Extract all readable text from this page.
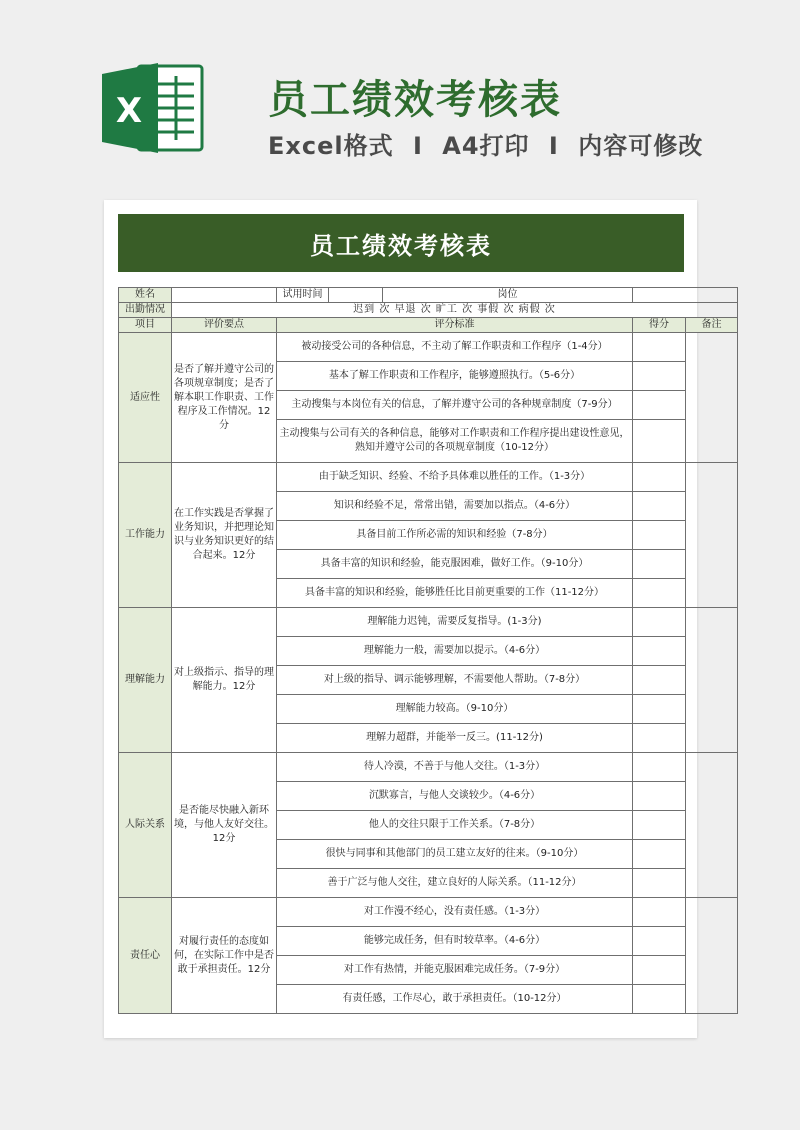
X	员工绩效考核表
Excel格式 I A4打印 I 内容可修改
员工绩效考核表
姓名		试用时间		岗位		
出勤情况	迟到 次 早退 次 旷工 次 事假 次 病假 次					
项目	评价要点	评分标准			得分	备注
适应性	是否了解并遵守公司的各项规章制度；是否了解本职工作职责、工作程序及工作情况。12分	被动接受公司的各种信息，不主动了解工作职责和工作程序（1-4分）				
		基本了解工作职责和工作程序，能够遵照执行。（5-6分）				
		主动搜集与本岗位有关的信息，了解并遵守公司的各种规章制度（7-9分）				
		主动搜集与公司有关的各种信息，能够对工作职责和工作程序提出建设性意见，熟知并遵守公司的各项规章制度（10-12分）				
工作能力	在工作实践是否掌握了业务知识，并把理论知识与业务知识更好的结合起来。12分	由于缺乏知识、经验、不给予具体难以胜任的工作。（1-3分）				
		知识和经验不足，常常出错，需要加以指点。（4-6分）				
		具备目前工作所必需的知识和经验（7-8分）				
		具备丰富的知识和经验，能克服困难，做好工作。（9-10分）				
		具备丰富的知识和经验，能够胜任比目前更重要的工作（11-12分）				
理解能力	对上级指示、指导的理解能力。12分	理解能力迟钝，需要反复指导。(1-3分)				
		理解能力一般，需要加以提示。（4-6分）				
		对上级的指导、调示能够理解，不需要他人帮助。（7-8分）				
		理解能力较高。（9-10分）				
		理解力超群，并能举一反三。(11-12分)				
人际关系	是否能尽快融入新环境，与他人友好交往。12分	待人冷漠，不善于与他人交往。（1-3分）				
		沉默寡言，与他人交谈较少。（4-6分）				
		他人的交往只限于工作关系。（7-8分）				
		很快与同事和其他部门的员工建立友好的往来。（9-10分）				
		善于广泛与他人交往，建立良好的人际关系。（11-12分）				
责任心	对履行责任的态度如何，在实际工作中是否敢于承担责任。12分	对工作漫不经心，没有责任感。（1-3分）				
		能够完成任务，但有时较草率。（4-6分）				
		对工作有热情，并能克服困难完成任务。（7-9分）				
		有责任感，工作尽心，敢于承担责任。（10-12分）				
